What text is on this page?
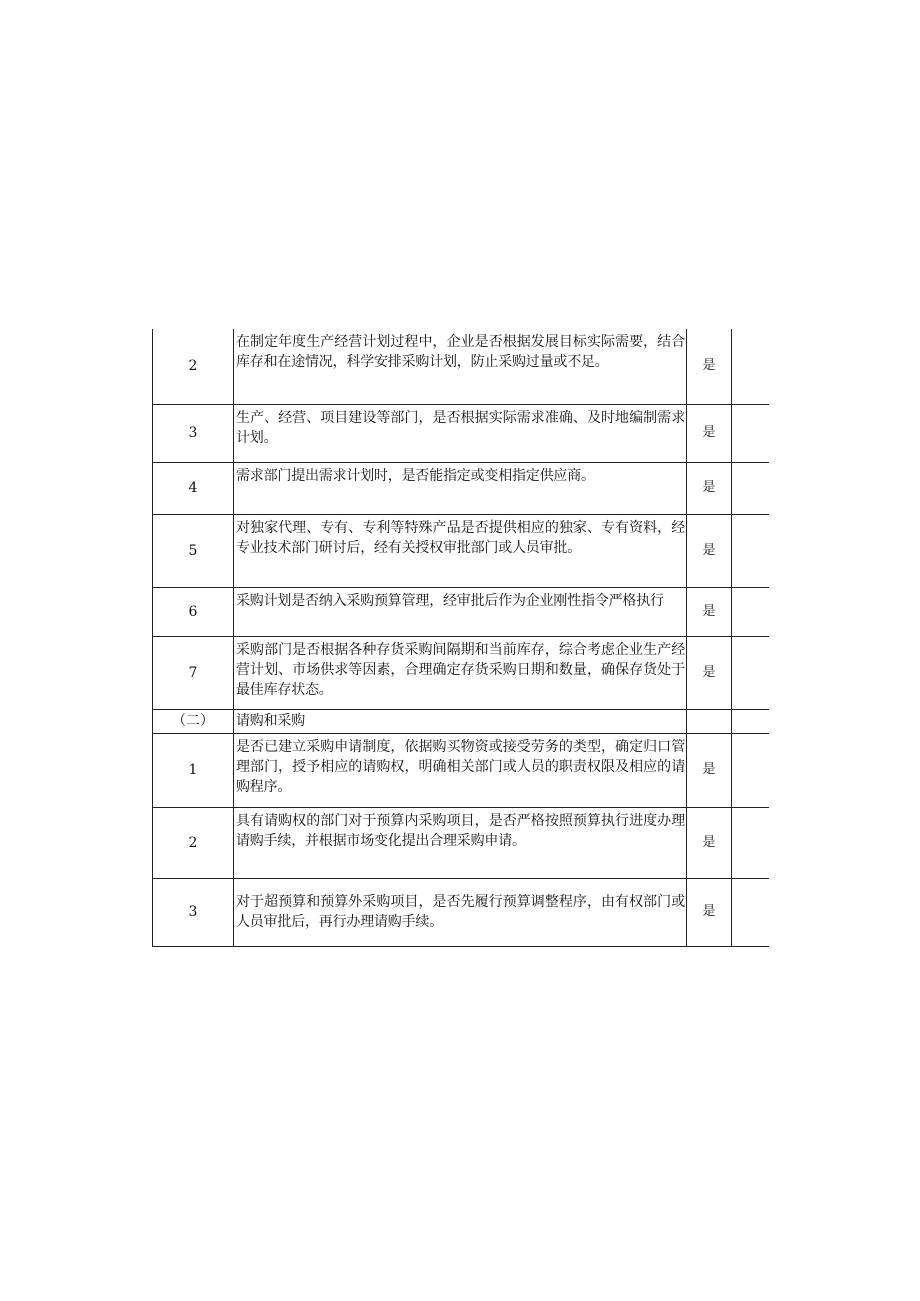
2	在制定年度生产经营计划过程中，企业是否根据发展目标实际需要，结合库存和在途情况，科学安排采购计划，防止采购过量或不足。	是	
3	生产、经营、项目建设等部门，是否根据实际需求准确、及时地编制需求计划。	是	
4	需求部门提出需求计划时，是否能指定或变相指定供应商。	是	
5	对独家代理、专有、专利等特殊产品是否提供相应的独家、专有资料，经专业技术部门研讨后，经有关授权审批部门或人员审批。	是	
6	采购计划是否纳入采购预算管理，经审批后作为企业刚性指令严格执行	是	
7	采购部门是否根据各种存货采购间隔期和当前库存，综合考虑企业生产经营计划、市场供求等因素，合理确定存货采购日期和数量，确保存货处于最佳库存状态。	是	
（二）	请购和采购		
1	是否已建立采购申请制度，依据购买物资或接受劳务的类型，确定归口管理部门，授予相应的请购权，明确相关部门或人员的职责权限及相应的请购程序。	是	
2	具有请购权的部门对于预算内采购项目，是否严格按照预算执行进度办理请购手续，并根据市场变化提出合理采购申请。	是	
3	对于超预算和预算外采购项目，是否先履行预算调整程序，由有权部门或人员审批后，再行办理请购手续。	是	
